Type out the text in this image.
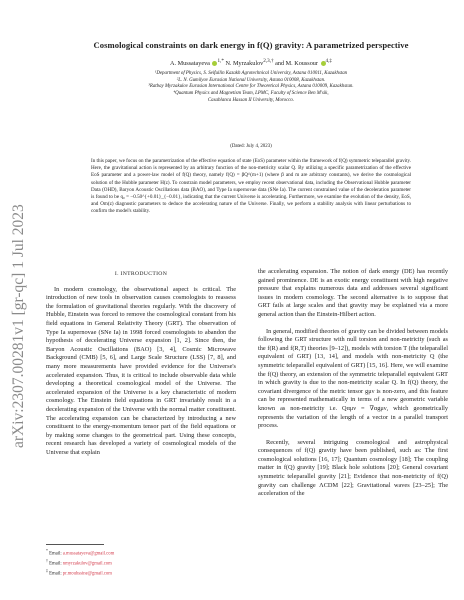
arXiv:2307.00281v1 [gr-qc] 1 Jul 2023
Cosmological constraints on dark energy in f(Q) gravity: A parametrized perspective
A. Mussatayeva $^{1,*}$ N. Myrzakulov$^{2,3,\dagger}$ and M. Koussour $^{4,\ddagger}$
¹Department of Physics, S. Seifullin Kazakh Agrotechnical University, Astana 010011, Kazakhstan
²L. N. Gumilyov Eurasian National University, Astana 010008, Kazakhstan.
³Ratbay Myrzakulov Eurasian International Centre for Theoretical Physics, Astana 010009, Kazakhstan.
⁴Quantum Physics and Magnetism Team, LPMC, Faculty of Science Ben M'sik,
Casablanca Hassan II University, Morocco.
(Dated: July 4, 2023)
In this paper, we focus on the parametrization of the effective equation of state (EoS) parameter within the framework of f(Q) symmetric teleparallel gravity. Here, the gravitational action is represented by an arbitrary function of the non-metricity scalar Q. By utilizing a specific parametrization of the effective EoS parameter and a power-law model of f(Q) theory, namely f(Q) = βQ^(m+1) (where β and m are arbitrary constants), we derive the cosmological solution of the Hubble parameter H(z). To constrain model parameters, we employ recent observational data, including the Observational Hubble parameter Data (OHD), Baryon Acoustic Oscillations data (BAO), and Type Ia supernovae data (SNe Ia). The current constrained value of the deceleration parameter is found to be q₀ = −0.50^{+0.01}_{−0.01}, indicating that the current Universe is accelerating. Furthermore, we examine the evolution of the density, EoS, and Om(z) diagnostic parameters to deduce the accelerating nature of the Universe. Finally, we perform a stability analysis with linear perturbations to confirm the model's stability.
I. INTRODUCTION

In modern cosmology, the observational aspect is critical. The introduction of new tools in observation causes cosmologists to reassess the formulation of gravitational theories regularly. With the discovery of Hubble, Einstein was forced to remove the cosmological constant from his field equations in General Relativity Theory (GRT). The observation of Type Ia supernovae (SNe Ia) in 1998 forced cosmologists to abandon the hypothesis of decelerating Universe expansion [1, 2]. Since then, the Baryon Acoustic Oscillations (BAO) [3, 4], Cosmic Microwave Background (CMB) [5, 6], and Large Scale Structure (LSS) [7, 8], and many more measurements have provided evidence for the Universe's accelerated expansion. Thus, it is critical to include observable data while developing a theoretical cosmological model of the Universe. The accelerated expansion of the Universe is a key characteristic of modern cosmology. The Einstein field equations in GRT invariably result in a decelerating expansion of the Universe with the normal matter constituent. The accelerating expansion can be characterized by introducing a new constituent to the energy-momentum tensor part of the field equations or by making some changes to the geometrical part. Using these concepts, recent research has developed a variety of cosmological models of the Universe that explain

the accelerating expansion. The notion of dark energy (DE) has recently gained prominence. DE is an exotic energy constituent with high negative pressure that explains numerous data and addresses several significant issues in modern cosmology. The second alternative is to suppose that GRT fails at large scales and that gravity may be explained via a more general action than the Einstein-Hilbert action.

In general, modified theories of gravity can be divided between models following the GRT structure with null torsion and non-metricity (such as the f(R) and f(R,T) theories [9–12]), models with torsion T (the teleparallel equivalent of GRT) [13, 14], and models with non-metricity Q (the symmetric teleparallel equivalent of GRT) [15, 16]. Here, we will examine the f(Q) theory, an extension of the symmetric teleparallel equivalent GRT in which gravity is due to the non-metricity scalar Q. In f(Q) theory, the covariant divergence of the metric tensor gμν is non-zero, and this feature can be represented mathematically in terms of a new geometric variable known as non-metricity i.e. Qαμν = ∇αgμν, which geometrically represents the variation of the length of a vector in a parallel transport process.

Recently, several intriguing cosmological and astrophysical consequences of f(Q) gravity have been published, such as: The first cosmological solutions [16, 17]; Quantum cosmology [18]; The coupling matter in f(Q) gravity [19]; Black hole solutions [20]; General covariant symmetric teleparallel gravity [21]; Evidence that non-metricity of f(Q) gravity can challenge ΛCDM [22]; Gravitational waves [23–25]; The acceleration of the

* Email: a.mussatayeva@gmail.com
† Email: nmyrzakulov@gmail.com
‡ Email: pr.mouhssine@gmail.com
